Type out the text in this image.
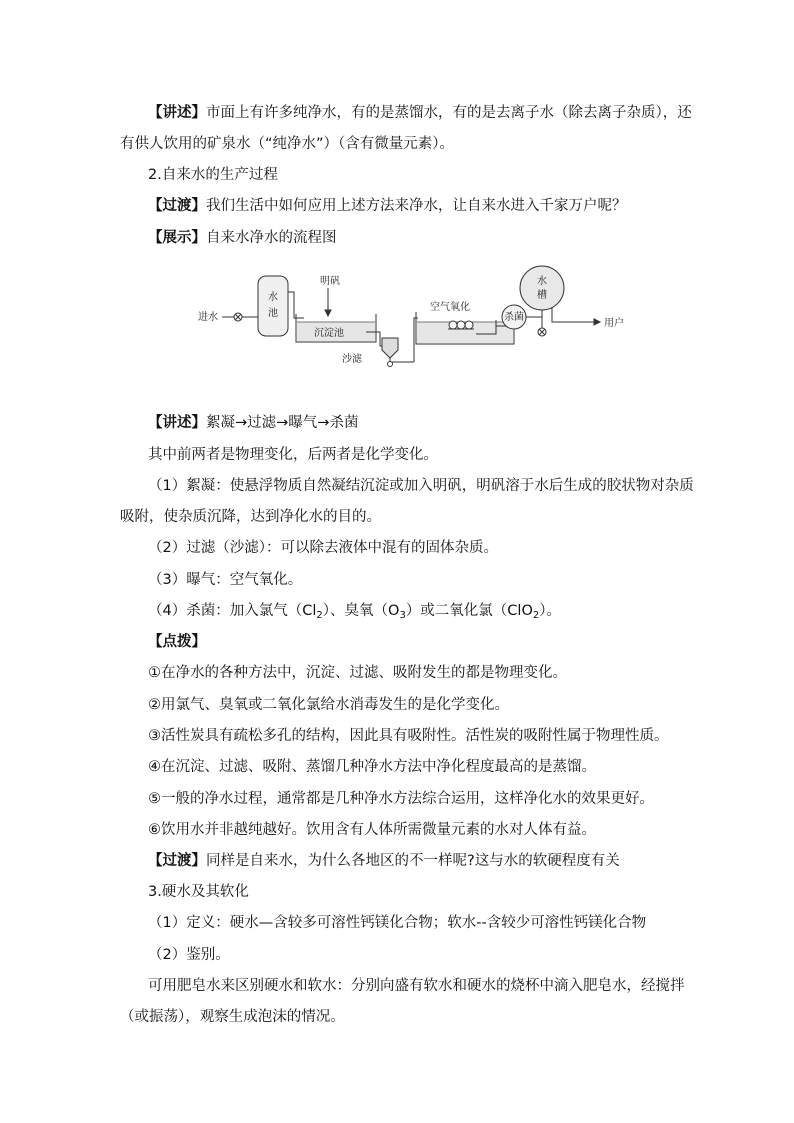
【讲述】市面上有许多纯净水，有的是蒸馏水，有的是去离子水（除去离子杂质），还
有供人饮用的矿泉水（“纯净水”）（含有微量元素）。
2.自来水的生产过程
【过渡】我们生活中如何应用上述方法来净水，让自来水进入千家万户呢？
【展示】自来水净水的流程图
进水
水
池
明矾
沉淀池
沙滤
空气氧化
杀菌
水
槽
用户
【讲述】絮凝→过滤→曝气→杀菌
其中前两者是物理变化，后两者是化学变化。
（1）絮凝：使悬浮物质自然凝结沉淀或加入明矾，明矾溶于水后生成的胶状物对杂质
吸附，使杂质沉降，达到净化水的目的。
（2）过滤（沙滤）：可以除去液体中混有的固体杂质。
（3）曝气：空气氧化。
（4）杀菌：加入氯气$(Cl_2)$、臭氧$(O_3)$或二氧化氯（ClO$_2$）。
【点拨】
①在净水的各种方法中，沉淀、过滤、吸附发生的都是物理变化。
②用氯气、臭氧或二氧化氯给水消毒发生的是化学变化。
③活性炭具有疏松多孔的结构，因此具有吸附性。活性炭的吸附性属于物理性质。
④在沉淀、过滤、吸附、蒸馏几种净水方法中净化程度最高的是蒸馏。
⑤一般的净水过程，通常都是几种净水方法综合运用，这样净化水的效果更好。
⑥饮用水并非越纯越好。饮用含有人体所需微量元素的水对人体有益。
【过渡】同样是自来水，为什么各地区的不一样呢?这与水的软硬程度有关
3.硬水及其软化
（1）定义：硬水—含较多可溶性钙镁化合物；软水--含较少可溶性钙镁化合物
（2）鉴别。
可用肥皂水来区别硬水和软水：分别向盛有软水和硬水的烧杯中滴入肥皂水，经搅拌
（或振荡），观察生成泡沫的情况。
